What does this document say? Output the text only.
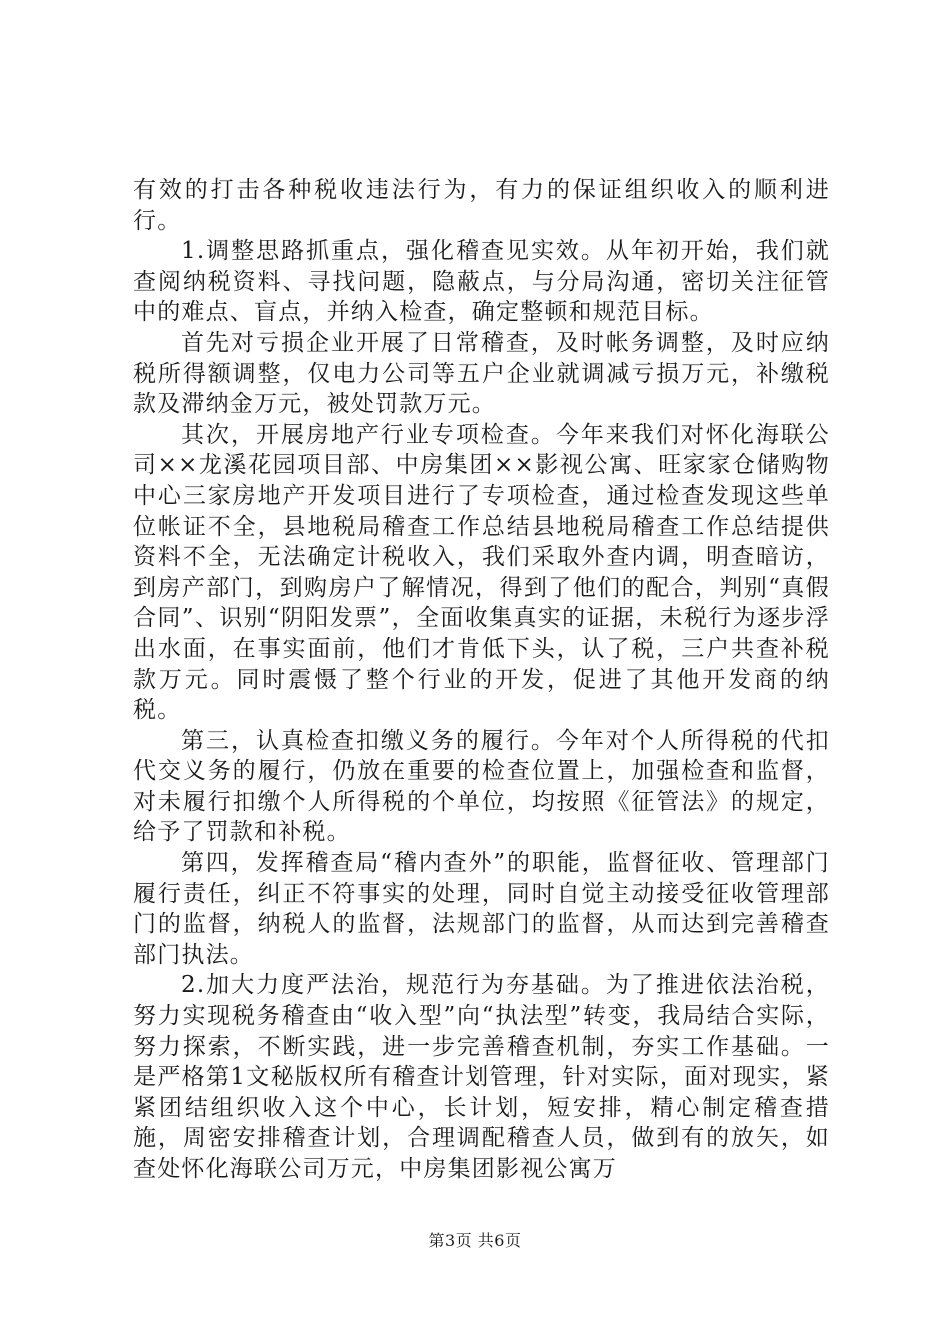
有效的打击各种税收违法行为，有力的保证组织收入的顺利进行。

1.调整思路抓重点，强化稽查见实效。从年初开始，我们就查阅纳税资料、寻找问题，隐蔽点，与分局沟通，密切关注征管中的难点、盲点，并纳入检查，确定整顿和规范目标。

首先对亏损企业开展了日常稽查，及时帐务调整，及时应纳税所得额调整，仅电力公司等五户企业就调减亏损万元，补缴税款及滞纳金万元，被处罚款万元。

其次，开展房地产行业专项检查。今年来我们对怀化海联公司××龙溪花园项目部、中房集团××影视公寓、旺家家仓储购物中心三家房地产开发项目进行了专项检查，通过检查发现这些单位帐证不全，县地税局稽查工作总结县地税局稽查工作总结提供资料不全，无法确定计税收入，我们采取外查内调，明查暗访，到房产部门，到购房户了解情况，得到了他们的配合，判别“真假合同”、识别“阴阳发票”，全面收集真实的证据，未税行为逐步浮出水面，在事实面前，他们才肯低下头，认了税，三户共查补税款万元。同时震慑了整个行业的开发，促进了其他开发商的纳税。

第三，认真检查扣缴义务的履行。今年对个人所得税的代扣代交义务的履行，仍放在重要的检查位置上，加强检查和监督，对未履行扣缴个人所得税的个单位，均按照《征管法》的规定，给予了罚款和补税。

第四，发挥稽查局“稽内查外”的职能，监督征收、管理部门履行责任，纠正不符事实的处理，同时自觉主动接受征收管理部门的监督，纳税人的监督，法规部门的监督，从而达到完善稽查部门执法。

2.加大力度严法治，规范行为夯基础。为了推进依法治税，努力实现税务稽查由“收入型”向“执法型”转变，我局结合实际，努力探索，不断实践，进一步完善稽查机制，夯实工作基础。一是严格第1文秘版权所有稽查计划管理，针对实际，面对现实，紧紧团结组织收入这个中心，长计划，短安排，精心制定稽查措施，周密安排稽查计划，合理调配稽查人员，做到有的放矢，如查处怀化海联公司万元，中房集团影视公寓万

第3页 共6页
